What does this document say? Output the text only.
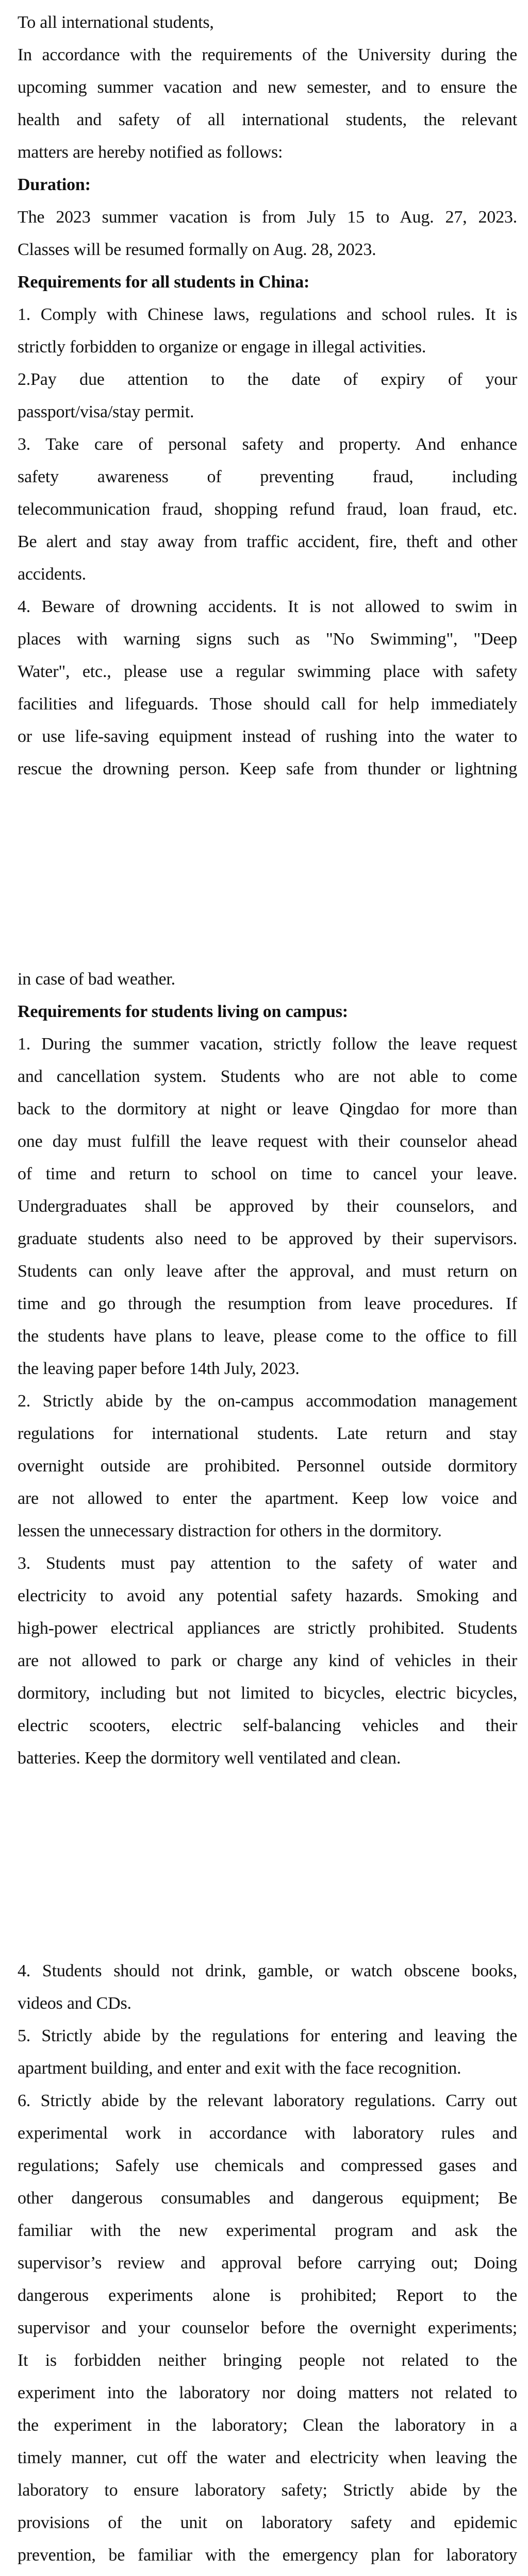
To all international students,
In accordance with the requirements of the University during the
upcoming summer vacation and new semester, and to ensure the
health and safety of all international students, the relevant
matters are hereby notified as follows:
Duration:
The 2023 summer vacation is from July 15 to Aug. 27, 2023.
Classes will be resumed formally on Aug. 28, 2023.
Requirements for all students in China:
1. Comply with Chinese laws, regulations and school rules. It is
strictly forbidden to organize or engage in illegal activities.
2.Pay due attention to the date of expiry of your
passport/visa/stay permit.
3. Take care of personal safety and property. And enhance
safety awareness of preventing fraud, including
telecommunication fraud, shopping refund fraud, loan fraud, etc.
Be alert and stay away from traffic accident, fire, theft and other
accidents.
4. Beware of drowning accidents. It is not allowed to swim in
places with warning signs such as "No Swimming", "Deep
Water", etc., please use a regular swimming place with safety
facilities and lifeguards. Those should call for help immediately
or use life-saving equipment instead of rushing into the water to
rescue the drowning person. Keep safe from thunder or lightning
in case of bad weather.
Requirements for students living on campus:
1. During the summer vacation, strictly follow the leave request
and cancellation system. Students who are not able to come
back to the dormitory at night or leave Qingdao for more than
one day must fulfill the leave request with their counselor ahead
of time and return to school on time to cancel your leave.
Undergraduates shall be approved by their counselors, and
graduate students also need to be approved by their supervisors.
Students can only leave after the approval, and must return on
time and go through the resumption from leave procedures. If
the students have plans to leave, please come to the office to fill
the leaving paper before 14th July, 2023.
2. Strictly abide by the on-campus accommodation management
regulations for international students. Late return and stay
overnight outside are prohibited. Personnel outside dormitory
are not allowed to enter the apartment. Keep low voice and
lessen the unnecessary distraction for others in the dormitory.
3. Students must pay attention to the safety of water and
electricity to avoid any potential safety hazards. Smoking and
high-power electrical appliances are strictly prohibited. Students
are not allowed to park or charge any kind of vehicles in their
dormitory, including but not limited to bicycles, electric bicycles,
electric scooters, electric self-balancing vehicles and their
batteries. Keep the dormitory well ventilated and clean.
4. Students should not drink, gamble, or watch obscene books,
videos and CDs.
5. Strictly abide by the regulations for entering and leaving the
apartment building, and enter and exit with the face recognition.
6. Strictly abide by the relevant laboratory regulations. Carry out
experimental work in accordance with laboratory rules and
regulations; Safely use chemicals and compressed gases and
other dangerous consumables and dangerous equipment; Be
familiar with the new experimental program and ask the
supervisor’s review and approval before carrying out; Doing
dangerous experiments alone is prohibited; Report to the
supervisor and your counselor before the overnight experiments;
It is forbidden neither bringing people not related to the
experiment into the laboratory nor doing matters not related to
the experiment in the laboratory; Clean the laboratory in a
timely manner, cut off the water and electricity when leaving the
laboratory to ensure laboratory safety; Strictly abide by the
provisions of the unit on laboratory safety and epidemic
prevention, be familiar with the emergency plan for laboratory
